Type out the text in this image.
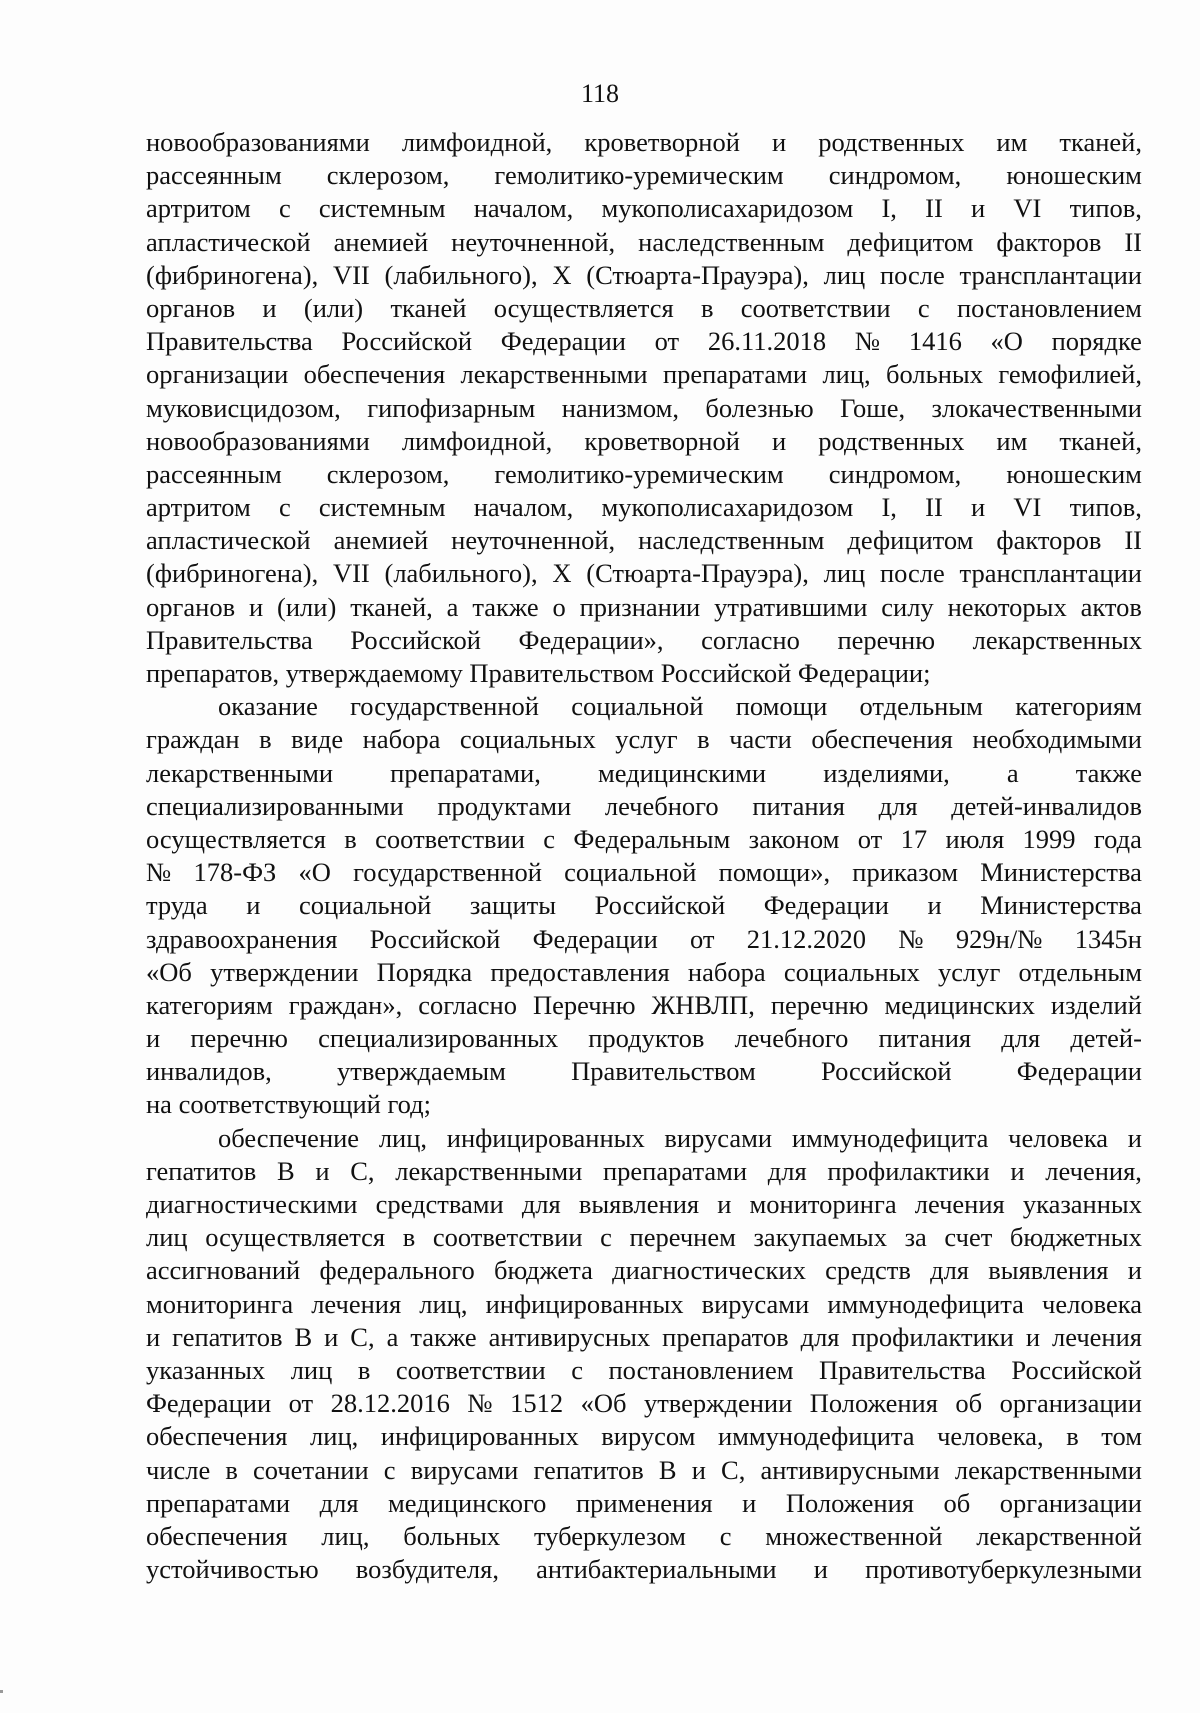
118
новообразованиями лимфоидной, кроветворной и родственных им тканей,
рассеянным склерозом, гемолитико-уремическим синдромом, юношеским
артритом с системным началом, мукополисахаридозом I, II и VI типов,
апластической анемией неуточненной, наследственным дефицитом факторов II
(фибриногена), VII (лабильного), X (Стюарта-Прауэра), лиц после трансплантации
органов и (или) тканей осуществляется в соответствии с постановлением
Правительства Российской Федерации от 26.11.2018 № 1416 «О порядке
организации обеспечения лекарственными препаратами лиц, больных гемофилией,
муковисцидозом, гипофизарным нанизмом, болезнью Гоше, злокачественными
новообразованиями лимфоидной, кроветворной и родственных им тканей,
рассеянным склерозом, гемолитико-уремическим синдромом, юношеским
артритом с системным началом, мукополисахаридозом I, II и VI типов,
апластической анемией неуточненной, наследственным дефицитом факторов II
(фибриногена), VII (лабильного), X (Стюарта-Прауэра), лиц после трансплантации
органов и (или) тканей, а также о признании утратившими силу некоторых актов
Правительства Российской Федерации», согласно перечню лекарственных
препаратов, утверждаемому Правительством Российской Федерации;
оказание государственной социальной помощи отдельным категориям
граждан в виде набора социальных услуг в части обеспечения необходимыми
лекарственными препаратами, медицинскими изделиями, а также
специализированными продуктами лечебного питания для детей-инвалидов
осуществляется в соответствии с Федеральным законом от 17 июля 1999 года
№ 178-ФЗ «О государственной социальной помощи», приказом Министерства
труда и социальной защиты Российской Федерации и Министерства
здравоохранения Российской Федерации от 21.12.2020 № 929н/№ 1345н
«Об утверждении Порядка предоставления набора социальных услуг отдельным
категориям граждан», согласно Перечню ЖНВЛП, перечню медицинских изделий
и перечню специализированных продуктов лечебного питания для детей-
инвалидов, утверждаемым Правительством Российской Федерации
на соответствующий год;
обеспечение лиц, инфицированных вирусами иммунодефицита человека и
гепатитов В и С, лекарственными препаратами для профилактики и лечения,
диагностическими средствами для выявления и мониторинга лечения указанных
лиц осуществляется в соответствии с перечнем закупаемых за счет бюджетных
ассигнований федерального бюджета диагностических средств для выявления и
мониторинга лечения лиц, инфицированных вирусами иммунодефицита человека
и гепатитов В и С, а также антивирусных препаратов для профилактики и лечения
указанных лиц в соответствии с постановлением Правительства Российской
Федерации от 28.12.2016 № 1512 «Об утверждении Положения об организации
обеспечения лиц, инфицированных вирусом иммунодефицита человека, в том
числе в сочетании с вирусами гепатитов В и С, антивирусными лекарственными
препаратами для медицинского применения и Положения об организации
обеспечения лиц, больных туберкулезом с множественной лекарственной
устойчивостью возбудителя, антибактериальными и противотуберкулезными
